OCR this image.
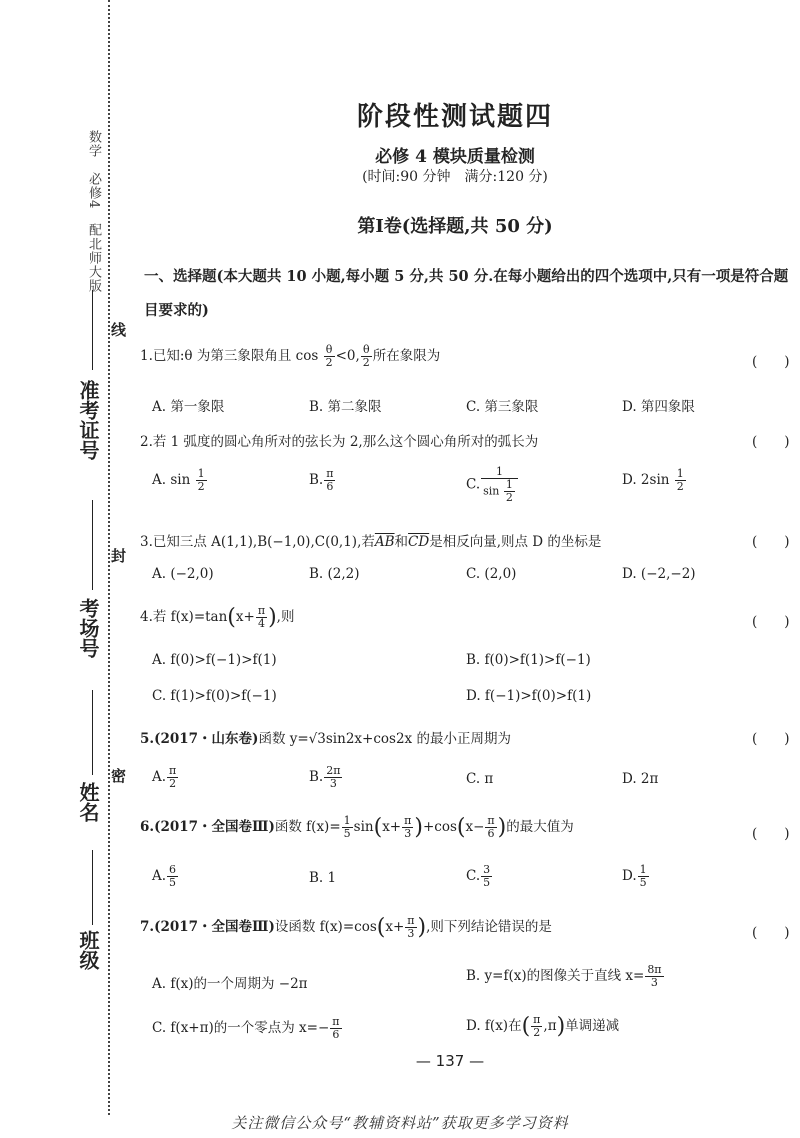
数学　必修4　配北师大版
准考证号
考场号
姓名
班级
线
封
密
阶段性测试题四
必修 4 模块质量检测
(时间:90 分钟　满分:120 分)
第Ⅰ卷(选择题,共 50 分)
一、选择题(本大题共 10 小题,每小题 5 分,共 50 分.在每小题给出的四个选项中,只有一项是符合题目要求的)
1.已知:θ 为第三象限角且 $\cos \frac{\theta}{2} <0$, $\frac{\theta}{2}$ 所在象限为	(　　)
A. 第一象限	B. 第二象限	C. 第三象限	D. 第四象限
2.若 1 弧度的圆心角所对的弦长为 2,那么这个圆心角所对的弧长为	(　　)
A. $\sin \frac{1}{2}$	B. $\frac{\pi}{6}$	C. $\frac{1}{\sin \frac{1}{2}}$	D. $2\sin \frac{1}{2}$
3.已知三点 A(1,1),B(−1,0),C(0,1),若$\overline{AB}$和$\overline{CD}$是相反向量,则点 D 的坐标是	(　　)
A. (−2,0)	B. (2,2)	C. (2,0)	D. (−2,−2)
4.若 $f(x)=\tan(x+ \frac{\pi}{4}$ ),则	(　　)
A. f(0)>f(−1)>f(1)	B. f(0)>f(1)>f(−1)
C. f(1)>f(0)>f(−1)	D. f(−1)>f(0)>f(1)
5.(2017・山东卷)函数 y=√3sin2x+cos2x 的最小正周期为	(　　)
A. $\frac{\pi}{2}$	B. $\frac{2\pi}{3}$	C. π	D. 2π
6.(2017・全国卷Ⅲ)函数 $f(x)= \frac{1}{5} \sin(x+ \frac{\pi}{3} )+\cos(x- \frac{\pi}{6}$ )的最大值为	(　　)
A. $\frac{6}{5}$	B. 1	C. $\frac{3}{5}$	D. $\frac{1}{5}$
7.(2017・全国卷Ⅲ)设函数 $f(x)=\cos(x+ \frac{\pi}{3}$ ),则下列结论错误的是	(　　)
A. f(x)的一个周期为 −2π	B. y=f(x)的图像关于直线 $x= \frac{8\pi}{3}$
C. f(x+π)的一个零点为 $x=- \frac{\pi}{6}$	D. f(x)在( $\frac{\pi}{2} ,\pi$)单调递减
— 137 —
关注微信公众号“教辅资料站”获取更多学习资料
